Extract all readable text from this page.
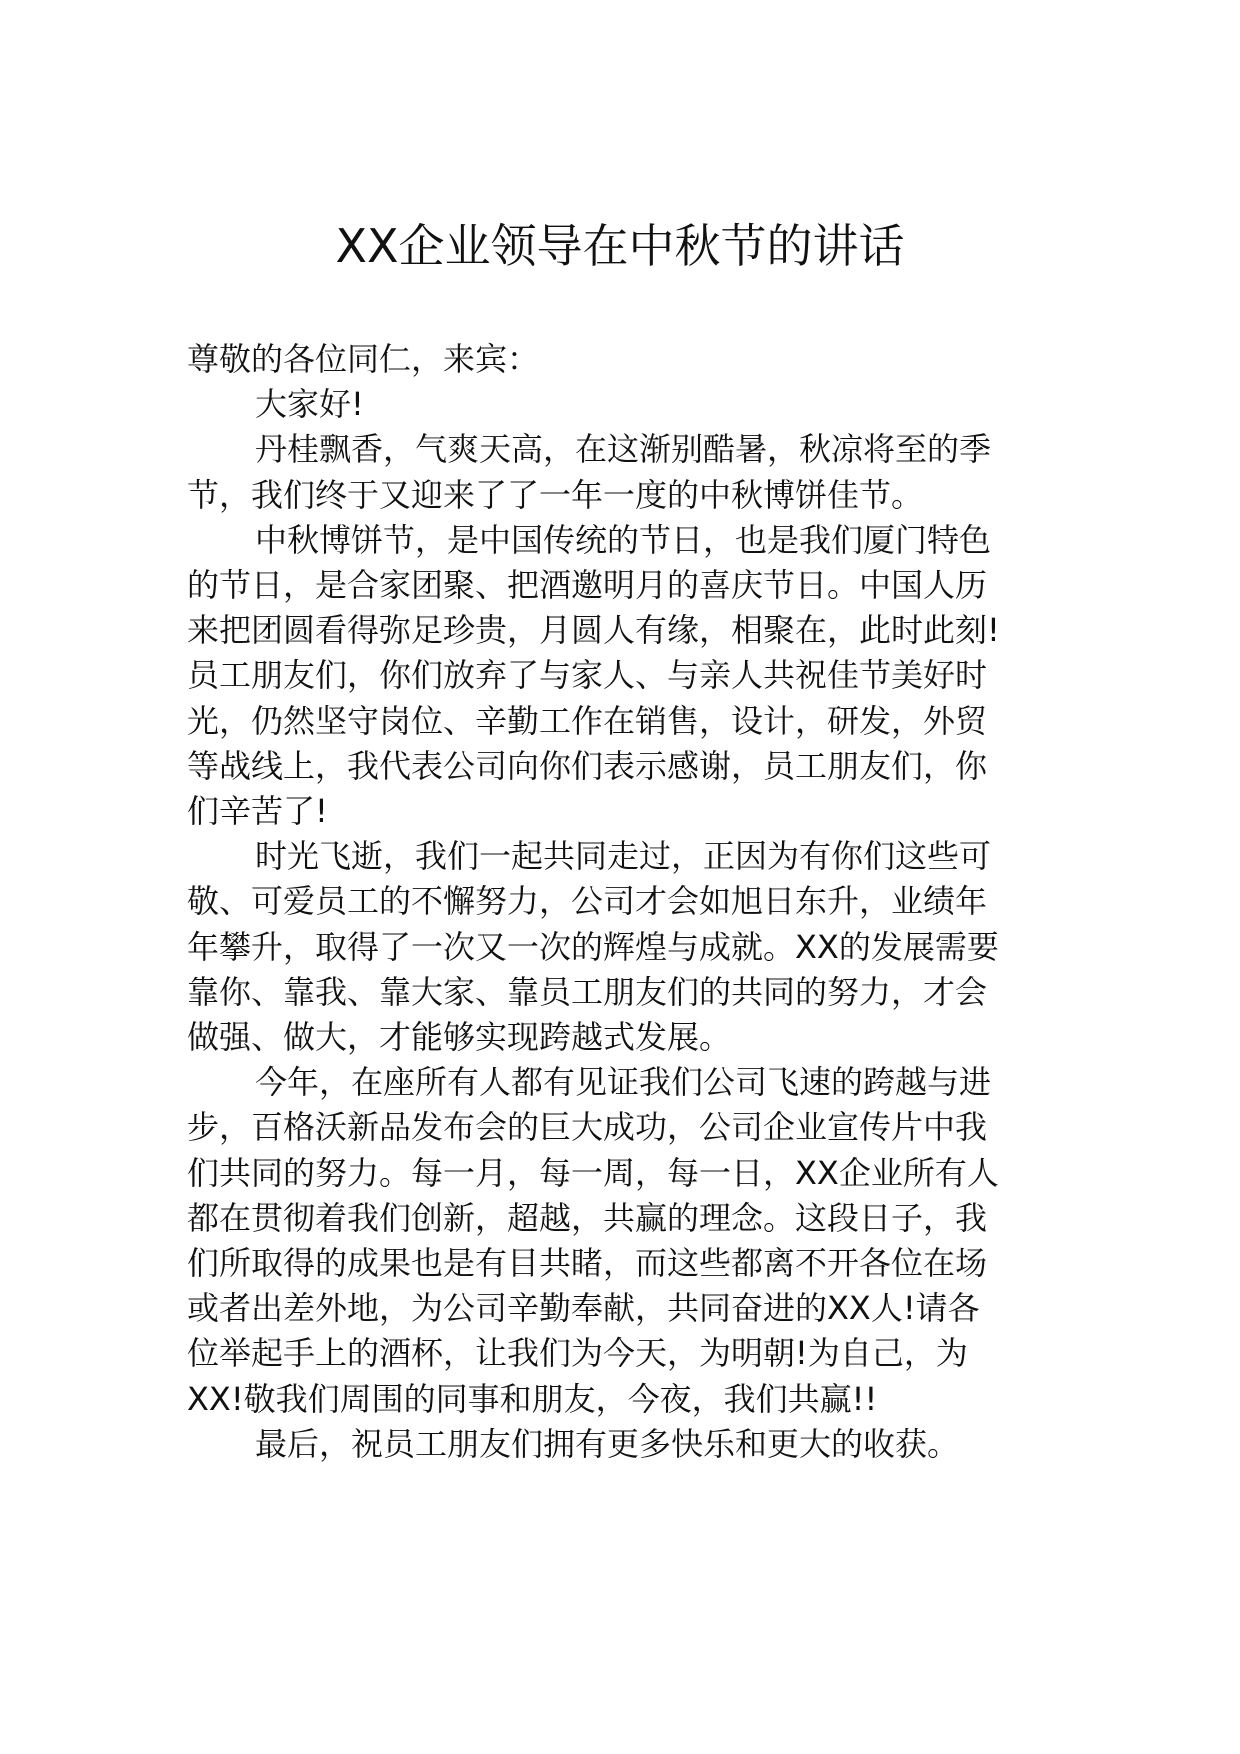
XX企业领导在中秋节的讲话

尊敬的各位同仁，来宾：

大家好!

丹桂飘香，气爽天高，在这渐别酷暑，秋凉将至的季

节，我们终于又迎来了了一年一度的中秋博饼佳节。

中秋博饼节，是中国传统的节日，也是我们厦门特色

的节日，是合家团聚、把酒邀明月的喜庆节日。中国人历

来把团圆看得弥足珍贵，月圆人有缘，相聚在，此时此刻!

员工朋友们，你们放弃了与家人、与亲人共祝佳节美好时

光，仍然坚守岗位、辛勤工作在销售，设计，研发，外贸

等战线上，我代表公司向你们表示感谢，员工朋友们，你

们辛苦了!

时光飞逝，我们一起共同走过，正因为有你们这些可

敬、可爱员工的不懈努力，公司才会如旭日东升，业绩年

年攀升，取得了一次又一次的辉煌与成就。XX的发展需要

靠你、靠我、靠大家、靠员工朋友们的共同的努力，才会

做强、做大，才能够实现跨越式发展。

今年，在座所有人都有见证我们公司飞速的跨越与进

步，百格沃新品发布会的巨大成功，公司企业宣传片中我

们共同的努力。每一月，每一周，每一日，XX企业所有人

都在贯彻着我们创新，超越，共赢的理念。这段日子，我

们所取得的成果也是有目共睹，而这些都离不开各位在场

或者出差外地，为公司辛勤奉献，共同奋进的XX人!请各

位举起手上的酒杯，让我们为今天，为明朝!为自己，为

XX!敬我们周围的同事和朋友，今夜，我们共赢!!

最后，祝员工朋友们拥有更多快乐和更大的收获。
